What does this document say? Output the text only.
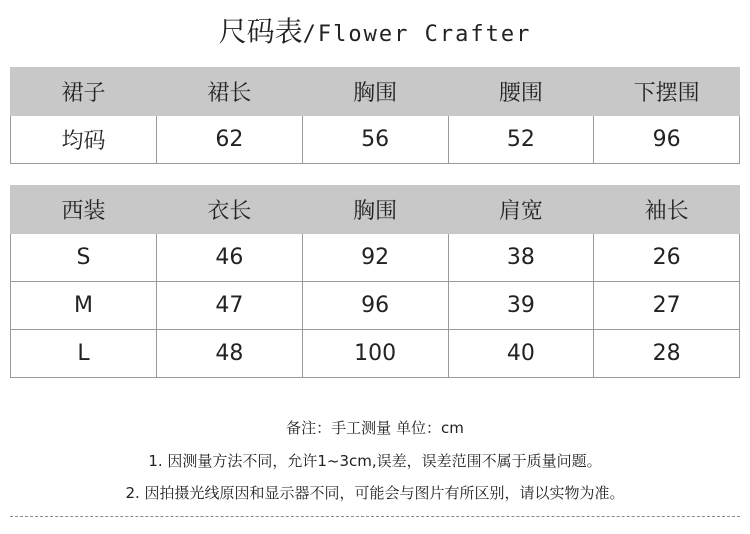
尺码表/Flower Crafter
裙子	裙长	胸围	腰围	下摆围
均码	62	56	52	96
西装	衣长	胸围	肩宽	袖长
S	46	92	38	26
M	47	96	39	27
L	48	100	40	28
备注：手工测量 单位：cm
1. 因测量方法不同，允许1~3cm,误差，误差范围不属于质量问题。
2. 因拍摄光线原因和显示器不同，可能会与图片有所区别，请以实物为准。
